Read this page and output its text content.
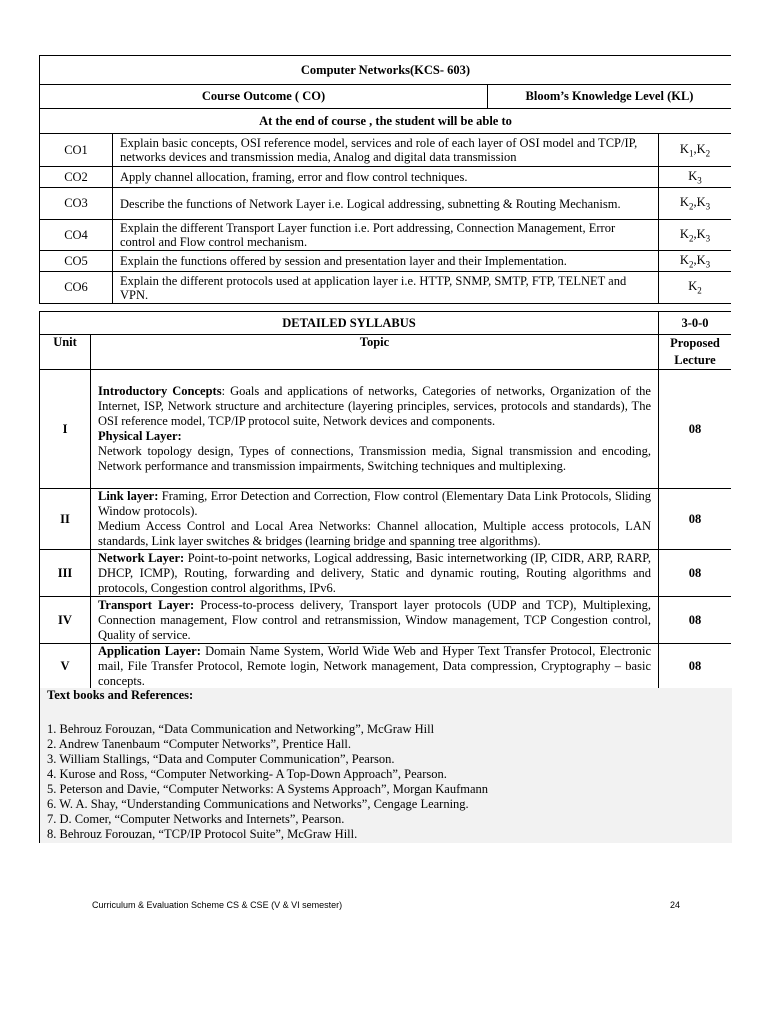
Computer Networks(KCS- 603)
Course Outcome ( CO)	Bloom’s Knowledge Level (KL)
At the end of course , the student will be able to
CO1	Explain basic concepts, OSI reference model, services and role of each layer of OSI model and TCP/IP, networks devices and transmission media, Analog and digital data transmission	$K_1,K_2$
CO2	Apply channel allocation, framing, error and flow control techniques.	$K_3$
CO3	Describe the functions of Network Layer i.e. Logical addressing, subnetting & Routing Mechanism.	$K_2,K_3$
CO4	Explain the different Transport Layer function i.e. Port addressing, Connection Management, Error control and Flow control mechanism.	$K_2,K_3$
CO5	Explain the functions offered by session and presentation layer and their Implementation.	$K_2,K_3$
CO6	Explain the different protocols used at application layer i.e. HTTP, SNMP, SMTP, FTP, TELNET and VPN.	$K_2$
DETAILED SYLLABUS		3-0-0
Unit	Topic	Proposed Lecture
I	Introductory Concepts: Goals and applications of networks, Categories of networks, Organization of the Internet, ISP, Network structure and architecture (layering principles, services, protocols and standards), The OSI reference model, TCP/IP protocol suite, Network devices and components.
Physical Layer:
Network topology design, Types of connections, Transmission media, Signal transmission and encoding, Network performance and transmission impairments, Switching techniques and multiplexing.	08
II	Link layer: Framing, Error Detection and Correction, Flow control (Elementary Data Link Protocols, Sliding Window protocols).
Medium Access Control and Local Area Networks: Channel allocation, Multiple access protocols, LAN standards, Link layer switches & bridges (learning bridge and spanning tree algorithms).	08
III	Network Layer: Point-to-point networks, Logical addressing, Basic internetworking (IP, CIDR, ARP, RARP, DHCP, ICMP), Routing, forwarding and delivery, Static and dynamic routing, Routing algorithms and protocols, Congestion control algorithms, IPv6.	08
IV	Transport Layer: Process-to-process delivery, Transport layer protocols (UDP and TCP), Multiplexing, Connection management, Flow control and retransmission, Window management, TCP Congestion control, Quality of service.	08
V	Application Layer: Domain Name System, World Wide Web and Hyper Text Transfer Protocol, Electronic mail, File Transfer Protocol, Remote login, Network management, Data compression, Cryptography – basic concepts.	08
Text books and References:
1. Behrouz Forouzan, “Data Communication and Networking”, McGraw Hill
2. Andrew Tanenbaum “Computer Networks”, Prentice Hall.
3. William Stallings, “Data and Computer Communication”, Pearson.
4. Kurose and Ross, “Computer Networking- A Top-Down Approach”, Pearson.
5. Peterson and Davie, “Computer Networks: A Systems Approach”, Morgan Kaufmann
6. W. A. Shay, “Understanding Communications and Networks”, Cengage Learning.
7. D. Comer, “Computer Networks and Internets”, Pearson.
8. Behrouz Forouzan, “TCP/IP Protocol Suite”, McGraw Hill.
Curriculum & Evaluation Scheme CS & CSE (V & VI semester)	24
